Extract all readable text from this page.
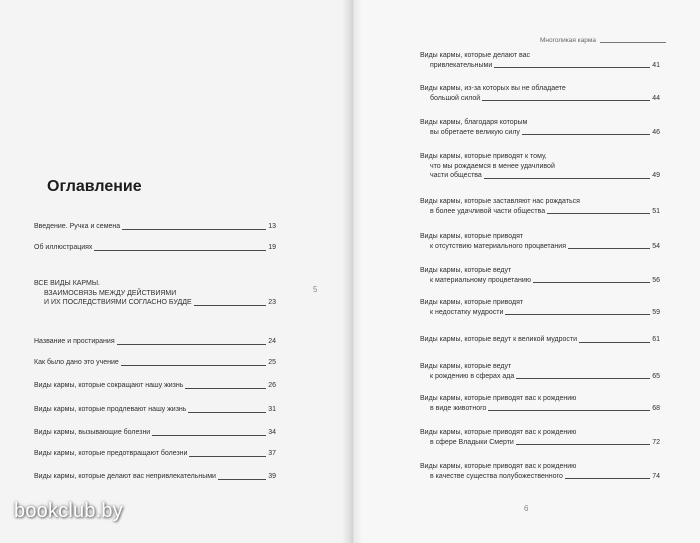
Оглавление
5
Многоликая карма
6
Введение. Ручка и семена	13
Об иллюстрациях	19
ВСЕ ВИДЫ КАРМЫ.
ВЗАИМОСВЯЗЬ МЕЖДУ ДЕЙСТВИЯМИ
И ИХ ПОСЛЕДСТВИЯМИ СОГЛАСНО БУДДЕ	23
Название и простирания	24
Как было дано это учение	25
Виды кармы, которые сокращают нашу жизнь	26
Виды кармы, которые продлевают нашу жизнь	31
Виды кармы, вызывающие болезни	34
Виды кармы, которые предотвращают болезни	37
Виды кармы, которые делают вас непривлекательными	39
Виды кармы, которые делают вас
привлекательными	41
Виды кармы, из-за которых вы не обладаете
большой силой	44
Виды кармы, благодаря которым
вы обретаете великую силу	46
Виды кармы, которые приводят к тому,
что мы рождаемся в менее удачливой
части общества	49
Виды кармы, которые заставляют нас рождаться
в более удачливой части общества	51
Виды кармы, которые приводят
к отсутствию материального процветания	54
Виды кармы, которые ведут
к материальному процветанию	56
Виды кармы, которые приводят
к недостатку мудрости	59
Виды кармы, которые ведут к великой мудрости	61
Виды кармы, которые ведут
к рождению в сферах ада	65
Виды кармы, которые приводят вас к рождению
в виде животного	68
Виды кармы, которые приводят вас к рождению
в сфере Владыки Смерти	72
Виды кармы, которые приводят вас к рождению
в качестве существа полубожественного	74
bookclub.by
